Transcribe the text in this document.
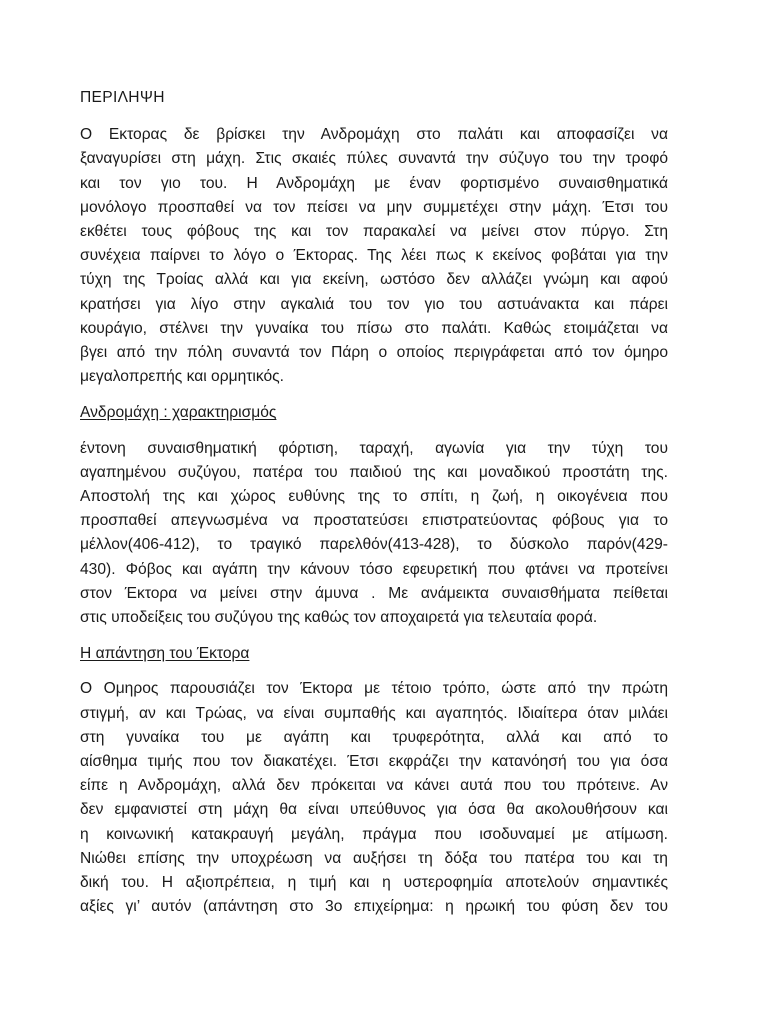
ΠΕΡΙΛΗΨΗ

Ο Εκτορας δε βρίσκει την Ανδρομάχη στο παλάτι και αποφασίζει να
ξαναγυρίσει στη μάχη. Στις σκαιές πύλες συναντά την σύζυγο του την τροφό
και τον γιο του. Η Ανδρομάχη με έναν φορτισμένο συναισθηματικά
μονόλογο προσπαθεί να τον πείσει να μην συμμετέχει στην μάχη. Έτσι του
εκθέτει τους φόβους της και τον παρακαλεί να μείνει στον πύργο. Στη
συνέχεια παίρνει το λόγο ο Έκτορας. Της λέει πως κ εκείνος φοβάται για την
τύχη της Τροίας αλλά και για εκείνη, ωστόσο δεν αλλάζει γνώμη και αφού
κρατήσει για λίγο στην αγκαλιά του τον γιο του αστυάνακτα και πάρει
κουράγιο, στέλνει την γυναίκα του πίσω στο παλάτι. Καθώς ετοιμάζεται να
βγει από την πόλη συναντά τον Πάρη ο οποίος περιγράφεται από τον όμηρο
μεγαλοπρεπής και ορμητικός.

Ανδρομάχη : χαρακτηρισμός

έντονη συναισθηματική φόρτιση, ταραχή, αγωνία για την τύχη του
αγαπημένου συζύγου, πατέρα του παιδιού της και μοναδικού προστάτη της.
Αποστολή της και χώρος ευθύνης της το σπίτι, η ζωή, η οικογένεια που
προσπαθεί απεγνωσμένα να προστατεύσει επιστρατεύοντας φόβους για το
μέλλον(406-412), το τραγικό παρελθόν(413-428), το δύσκολο παρόν(429-
430). Φόβος και αγάπη την κάνουν τόσο εφευρετική που φτάνει να προτείνει
στον Έκτορα να μείνει στην άμυνα . Με ανάμεικτα συναισθήματα πείθεται
στις υποδείξεις του συζύγου της καθώς τον αποχαιρετά για τελευταία φορά.

Η απάντηση του Έκτορα

Ο Ομηρος παρουσιάζει τον Έκτορα με τέτοιο τρόπο, ώστε από την πρώτη
στιγμή, αν και Τρώας, να είναι συμπαθής και αγαπητός. Ιδιαίτερα όταν μιλάει
στη γυναίκα του με αγάπη και τρυφερότητα, αλλά και από το
αίσθημα τιμής που τον διακατέχει. Έτσι εκφράζει την κατανόησή του για όσα
είπε η Ανδρομάχη, αλλά δεν πρόκειται να κάνει αυτά που του πρότεινε. Αν
δεν εμφανιστεί στη μάχη θα είναι υπεύθυνος για όσα θα ακολουθήσουν και
η κοινωνική κατακραυγή μεγάλη, πράγμα που ισοδυναμεί με ατίμωση.
Νιώθει επίσης την υποχρέωση να αυξήσει τη δόξα του πατέρα του και τη
δική του. Η αξιοπρέπεια, η τιμή και η υστεροφημία αποτελούν σημαντικές
αξίες γι’ αυτόν (απάντηση στο 3ο επιχείρημα: η ηρωική του φύση δεν του
